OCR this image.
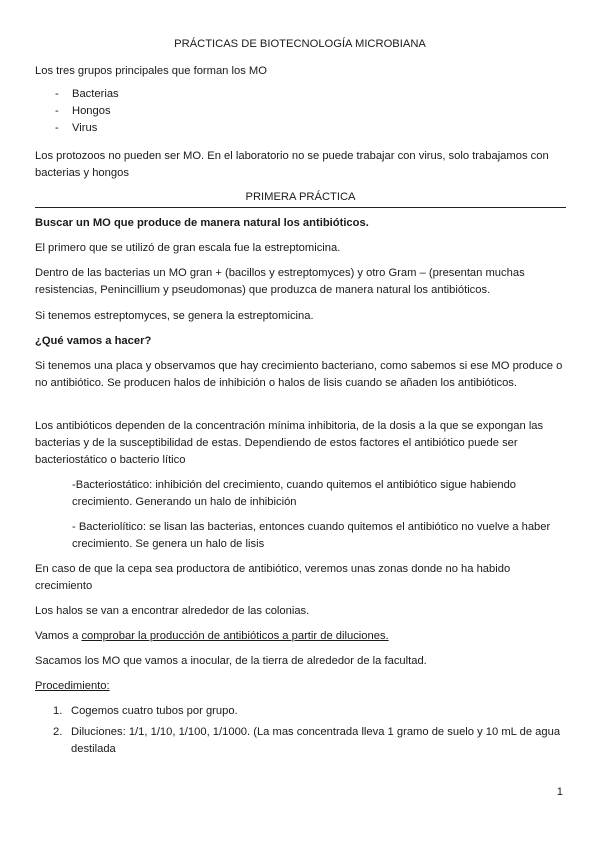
PRÁCTICAS DE BIOTECNOLOGÍA MICROBIANA

Los tres grupos principales que forman los MO

- Bacterias
- Hongos
- Virus

Los protozoos no pueden ser MO. En el laboratorio no se puede trabajar con virus, solo trabajamos con bacterias y hongos

PRIMERA PRÁCTICA

Buscar un MO que produce de manera natural los antibióticos.

El primero que se utilizó de gran escala fue la estreptomicina.

Dentro de las bacterias un MO gran + (bacillos y estreptomyces) y otro Gram – (presentan muchas resistencias, Penincillium y pseudomonas) que produzca de manera natural los antibióticos.

Si tenemos estreptomyces, se genera la estreptomicina.

¿Qué vamos a hacer?

Si tenemos una placa y observamos que hay crecimiento bacteriano, como sabemos si ese MO produce o no antibiótico. Se producen halos de inhibición o halos de lisis cuando se añaden los antibióticos.

Los antibióticos dependen de la concentración mínima inhibitoria, de la dosis a la que se expongan las bacterias y de la susceptibilidad de estas. Dependiendo de estos factores el antibiótico puede ser bacteriostático o bacterio lítico

-Bacteriostático: inhibición del crecimiento, cuando quitemos el antibiótico sigue habiendo crecimiento. Generando un halo de inhibición

- Bacteriolítico: se lisan las bacterias, entonces cuando quitemos el antibiótico no vuelve a haber crecimiento. Se genera un halo de lisis

En caso de que la cepa sea productora de antibiótico, veremos unas zonas donde no ha habido crecimiento

Los halos se van a encontrar alrededor de las colonias.

Vamos a comprobar la producción de antibióticos a partir de diluciones.

Sacamos los MO que vamos a inocular, de la tierra de alrededor de la facultad.

Procedimiento:

1. Cogemos cuatro tubos por grupo.
2. Diluciones: 1/1, 1/10, 1/100, 1/1000. (La mas concentrada lleva 1 gramo de suelo y 10 mL de agua destilada
1
